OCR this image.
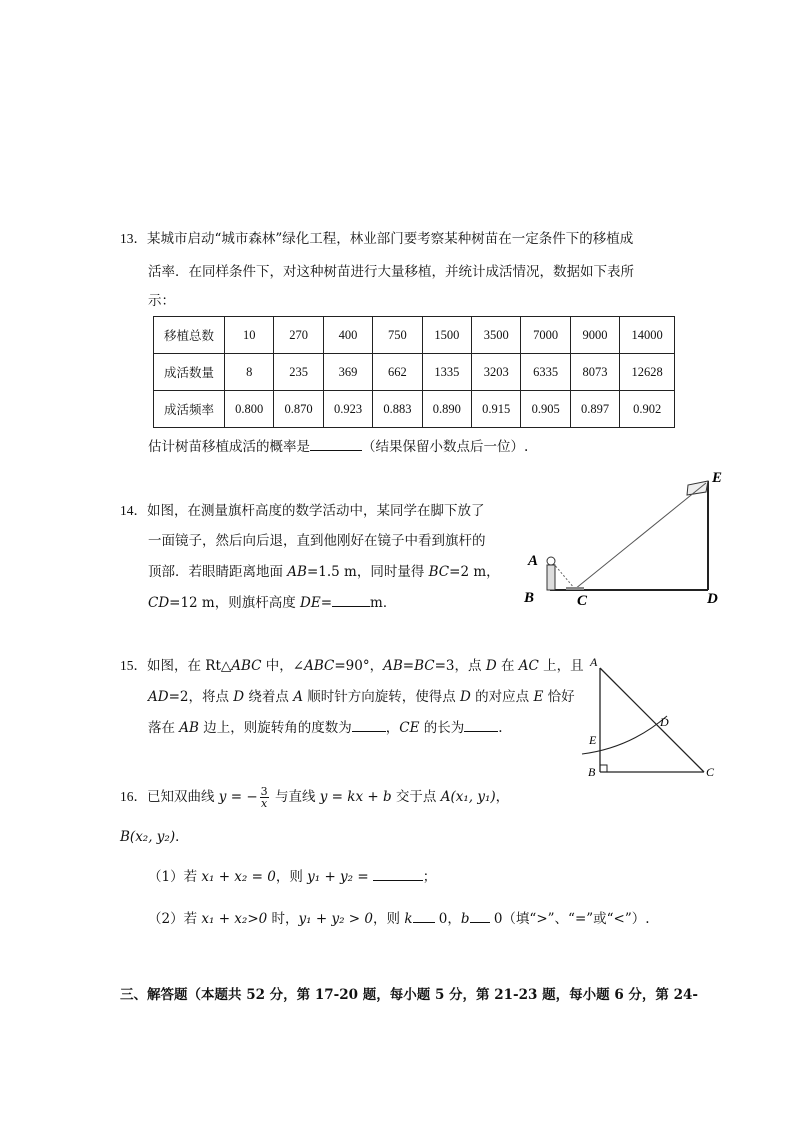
13．某城市启动“城市森林”绿化工程，林业部门要考察某种树苗在一定条件下的移植成
活率．在同样条件下，对这种树苗进行大量移植，并统计成活情况，数据如下表所
示：
移植总数	10	270	400	750	1500	3500	7000	9000	14000
成活数量	8	235	369	662	1335	3203	6335	8073	12628
成活频率	0.800	0.870	0.923	0.883	0.890	0.915	0.905	0.897	0.902
估计树苗移植成活的概率是	（结果保留小数点后一位）.
14．如图，在测量旗杆高度的数学活动中，某同学在脚下放了
一面镜子，然后向后退，直到他刚好在镜子中看到旗杆的
顶部．若眼睛距离地面 AB=1.5 m，同时量得 BC=2 m，
CD=12 m，则旗杆高度 DE=	m．
A
B	C	D
E
15．如图，在 Rt△ABC 中，∠ABC=90°，AB=BC=3，点 D 在 AC 上，且
AD=2，将点 D 绕着点 A 顺时针方向旋转，使得点 D 的对应点 E 恰好
落在 AB 边上，则旋转角的度数为	，CE 的长为	.
A
B	C
D
E
16．已知双曲线 y = − $\frac{3}{x}$ 与直线 y = kx + b 交于点 A(x₁, y₁)，
B(x₂, y₂)．
（1）若 x₁ + x₂ = 0，则 y₁ + y₂ =	；
（2）若 x₁ + x₂>0 时，y₁ + y₂ > 0，则 k 0，b 0（填“>”、“=”或“<”）.
三、解答题（本题共 52 分，第 17-20 题，每小题 5 分，第 21-23 题，每小题 6 分，第 24-
